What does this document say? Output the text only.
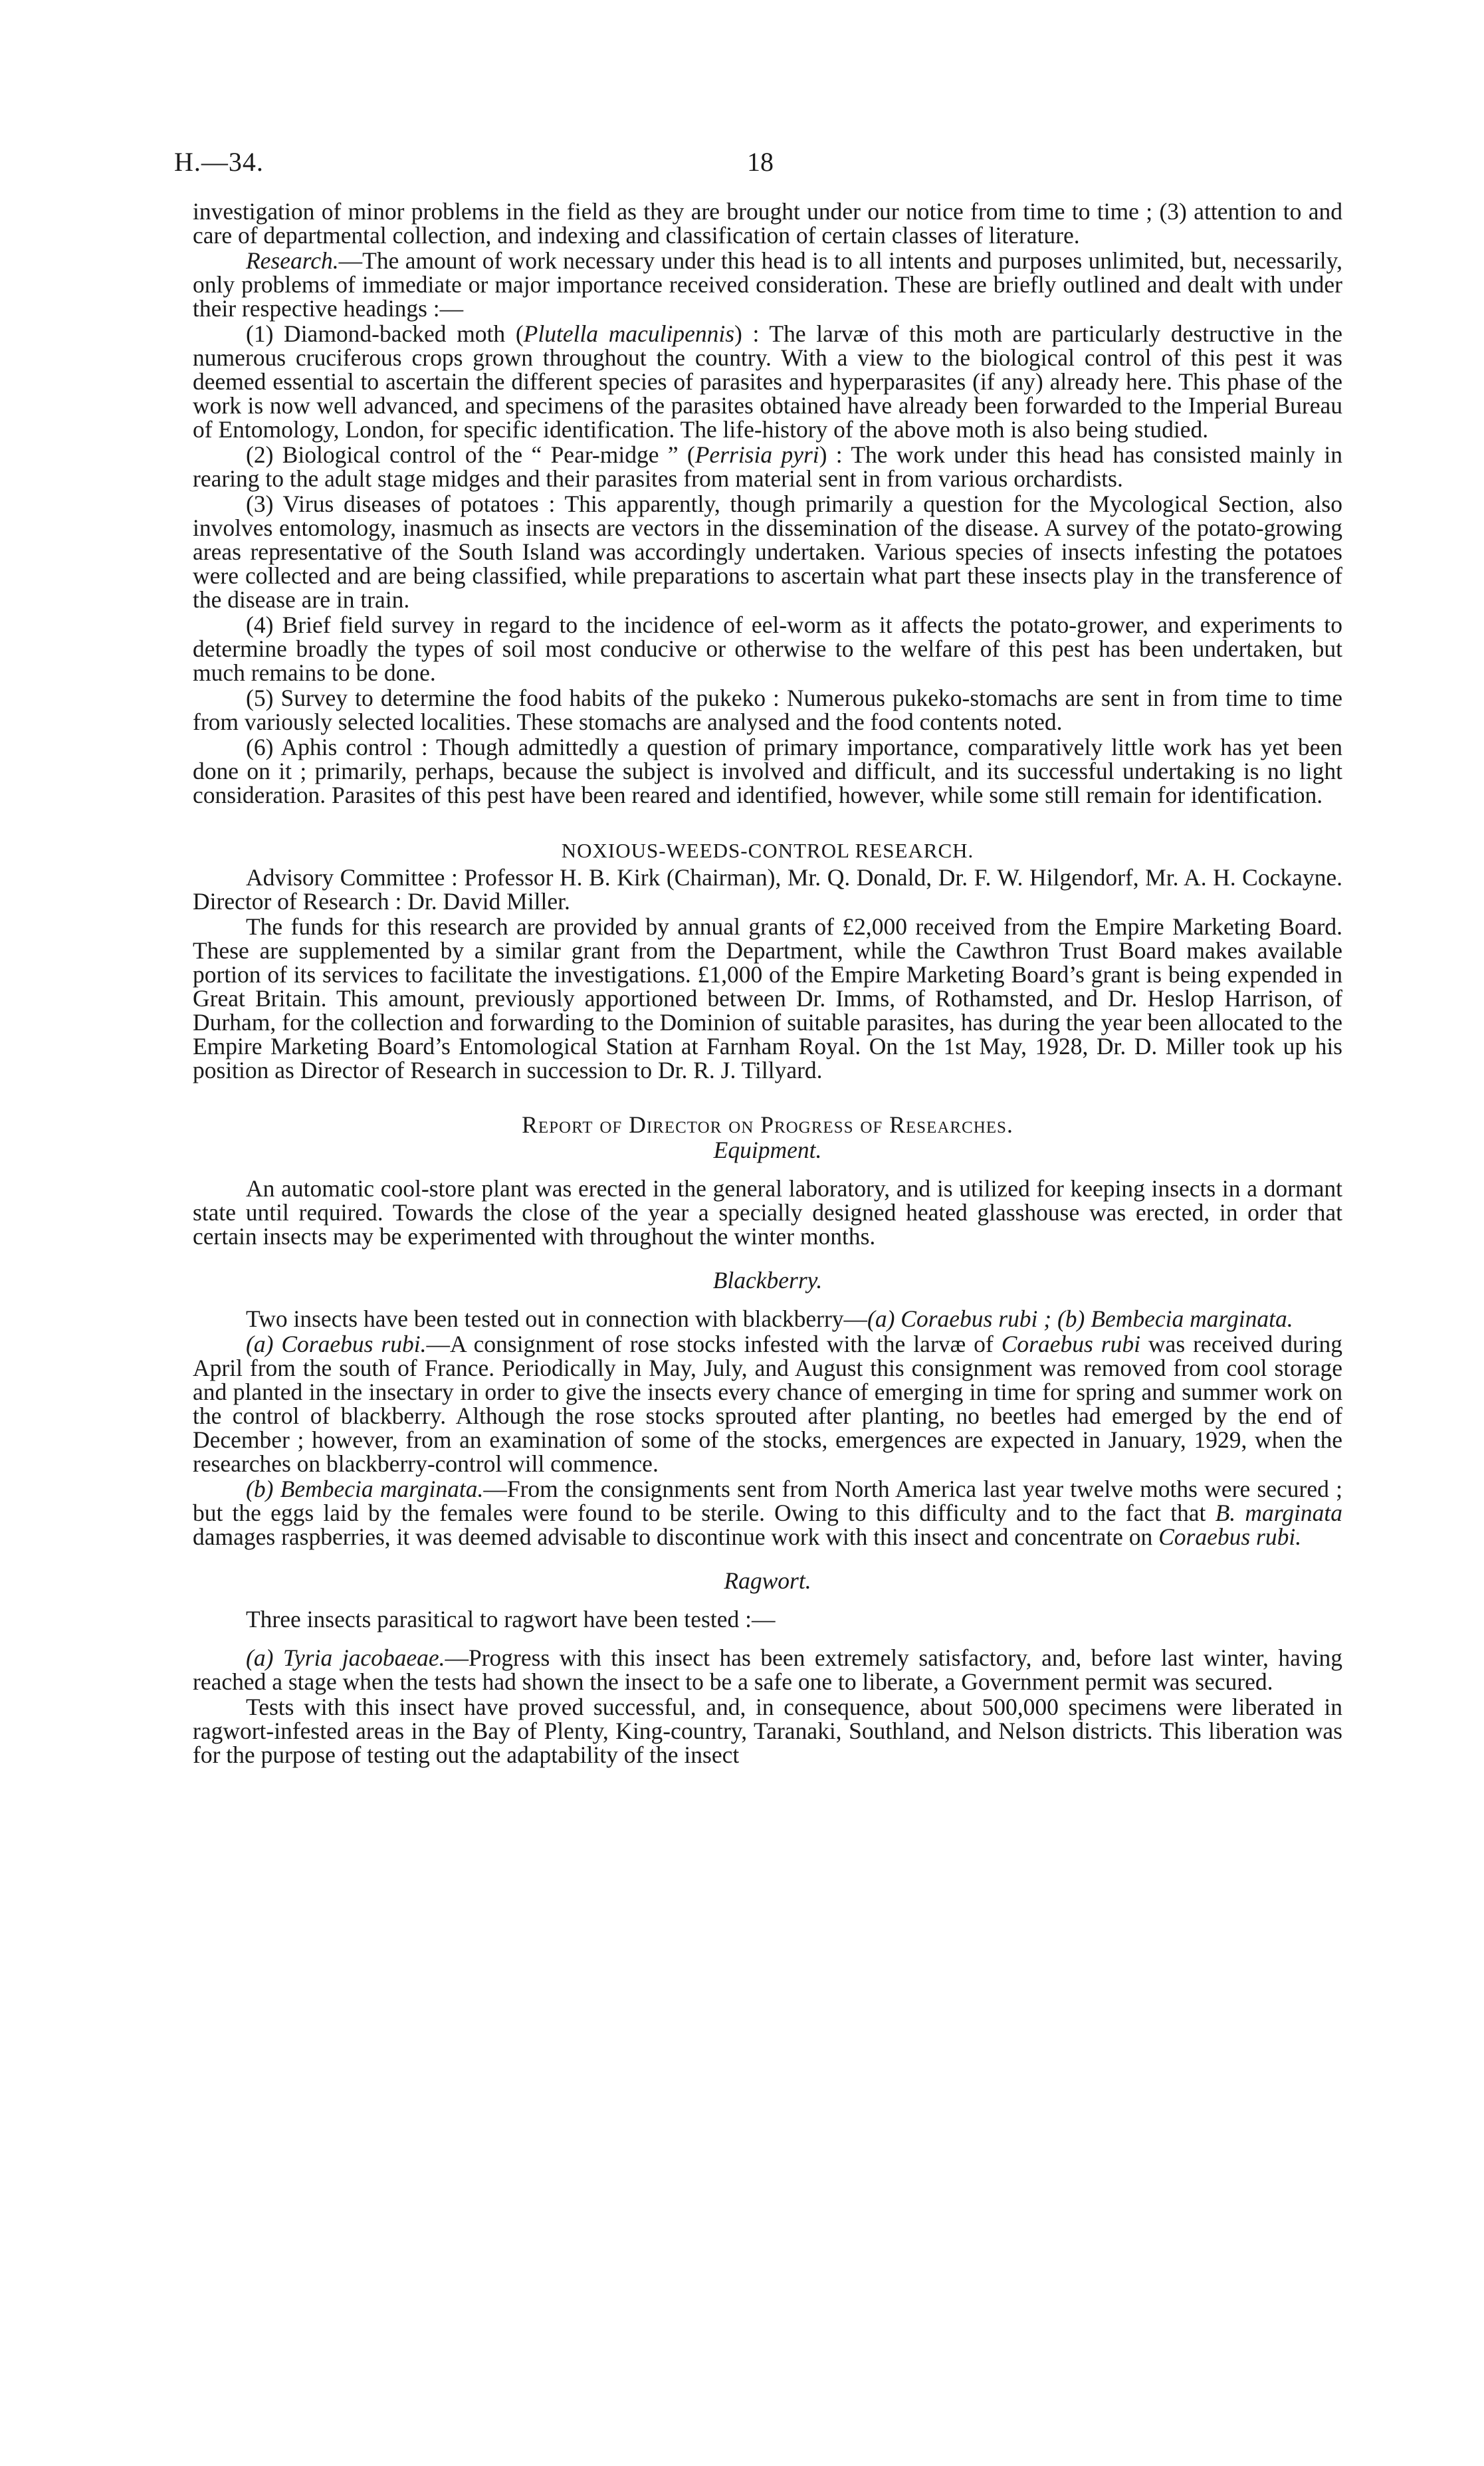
H.—34.	18

investigation of minor problems in the field as they are brought under our notice from time to time ; (3) attention to and care of departmental collection, and indexing and classification of certain classes of literature.

Research.—The amount of work necessary under this head is to all intents and purposes unlimited, but, necessarily, only problems of immediate or major importance received consideration. These are briefly outlined and dealt with under their respective headings :—

(1) Diamond-backed moth (Plutella maculipennis) : The larvæ of this moth are particularly destructive in the numerous cruciferous crops grown throughout the country. With a view to the biological control of this pest it was deemed essential to ascertain the different species of parasites and hyperparasites (if any) already here. This phase of the work is now well advanced, and specimens of the parasites obtained have already been forwarded to the Imperial Bureau of Entomology, London, for specific identification. The life-history of the above moth is also being studied.

(2) Biological control of the “ Pear-midge ” (Perrisia pyri) : The work under this head has consisted mainly in rearing to the adult stage midges and their parasites from material sent in from various orchardists.

(3) Virus diseases of potatoes : This apparently, though primarily a question for the Mycological Section, also involves entomology, inasmuch as insects are vectors in the dissemination of the disease. A survey of the potato-growing areas representative of the South Island was accordingly undertaken. Various species of insects infesting the potatoes were collected and are being classified, while preparations to ascertain what part these insects play in the transference of the disease are in train.

(4) Brief field survey in regard to the incidence of eel-worm as it affects the potato-grower, and experiments to determine broadly the types of soil most conducive or otherwise to the welfare of this pest has been undertaken, but much remains to be done.

(5) Survey to determine the food habits of the pukeko : Numerous pukeko-stomachs are sent in from time to time from variously selected localities. These stomachs are analysed and the food contents noted.

(6) Aphis control : Though admittedly a question of primary importance, comparatively little work has yet been done on it ; primarily, perhaps, because the subject is involved and difficult, and its successful undertaking is no light consideration. Parasites of this pest have been reared and identified, however, while some still remain for identification.

NOXIOUS-WEEDS-CONTROL RESEARCH.

Advisory Committee : Professor H. B. Kirk (Chairman), Mr. Q. Donald, Dr. F. W. Hilgendorf, Mr. A. H. Cockayne. Director of Research : Dr. David Miller.

The funds for this research are provided by annual grants of £2,000 received from the Empire Marketing Board. These are supplemented by a similar grant from the Department, while the Cawthron Trust Board makes available portion of its services to facilitate the investigations. £1,000 of the Empire Marketing Board’s grant is being expended in Great Britain. This amount, previously apportioned between Dr. Imms, of Rothamsted, and Dr. Heslop Harrison, of Durham, for the collection and forwarding to the Dominion of suitable parasites, has during the year been allocated to the Empire Marketing Board’s Entomological Station at Farnham Royal. On the 1st May, 1928, Dr. D. Miller took up his position as Director of Research in succession to Dr. R. J. Tillyard.

Report of Director on Progress of Researches.

Equipment.

An automatic cool-store plant was erected in the general laboratory, and is utilized for keeping insects in a dormant state until required. Towards the close of the year a specially designed heated glasshouse was erected, in order that certain insects may be experimented with throughout the winter months.

Blackberry.

Two insects have been tested out in connection with blackberry—(a) Coraebus rubi ; (b) Bembecia marginata.

(a) Coraebus rubi.—A consignment of rose stocks infested with the larvæ of Coraebus rubi was received during April from the south of France. Periodically in May, July, and August this consignment was removed from cool storage and planted in the insectary in order to give the insects every chance of emerging in time for spring and summer work on the control of blackberry. Although the rose stocks sprouted after planting, no beetles had emerged by the end of December ; however, from an examination of some of the stocks, emergences are expected in January, 1929, when the researches on blackberry-control will commence.

(b) Bembecia marginata.—From the consignments sent from North America last year twelve moths were secured ; but the eggs laid by the females were found to be sterile. Owing to this difficulty and to the fact that B. marginata damages raspberries, it was deemed advisable to discontinue work with this insect and concentrate on Coraebus rubi.

Ragwort.

Three insects parasitical to ragwort have been tested :—

(a) Tyria jacobaeae.—Progress with this insect has been extremely satisfactory, and, before last winter, having reached a stage when the tests had shown the insect to be a safe one to liberate, a Government permit was secured.

Tests with this insect have proved successful, and, in consequence, about 500,000 specimens were liberated in ragwort-infested areas in the Bay of Plenty, King-country, Taranaki, Southland, and Nelson districts. This liberation was for the purpose of testing out the adaptability of the insect
